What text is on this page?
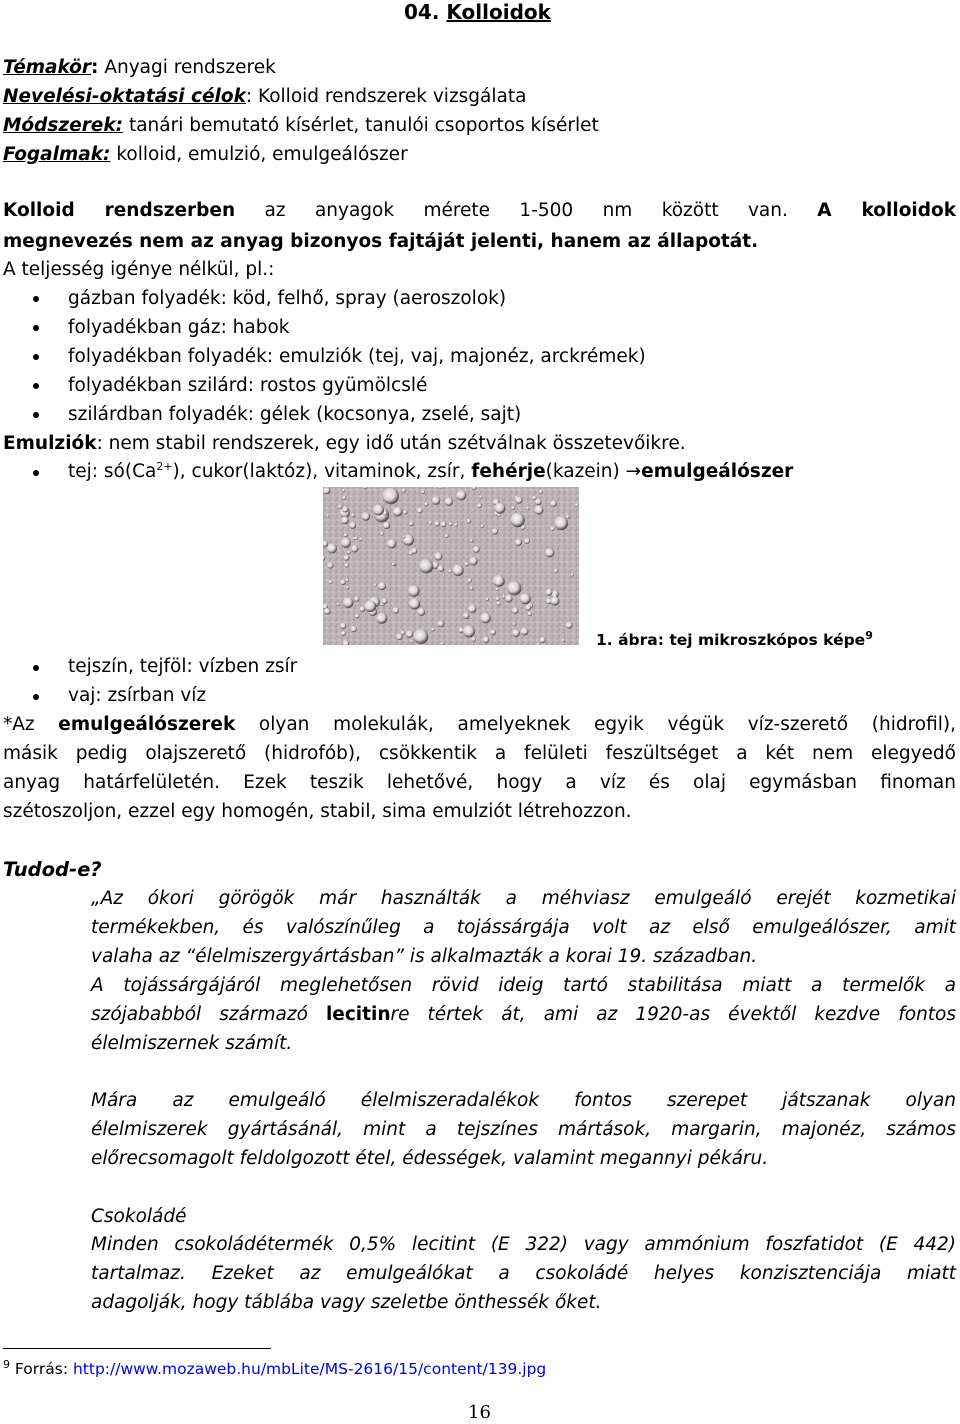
04. Kolloidok
Témakör: Anyagi rendszerek
Nevelési-oktatási célok: Kolloid rendszerek vizsgálata
Módszerek: tanári bemutató kísérlet, tanulói csoportos kísérlet
Fogalmak: kolloid, emulzió, emulgeálószer
Kolloid rendszerben az anyagok mérete 1-500 nm között van. A kolloidok
megnevezés nem az anyag bizonyos fajtáját jelenti, hanem az állapotát.
A teljesség igénye nélkül, pl.:
gázban folyadék: köd, felhő, spray (aeroszolok)
folyadékban gáz: habok
folyadékban folyadék: emulziók (tej, vaj, majonéz, arckrémek)
folyadékban szilárd: rostos gyümölcslé
szilárdban folyadék: gélek (kocsonya, zselé, sajt)
Emulziók: nem stabil rendszerek, egy idő után szétválnak összetevőikre.
tej: $só(Ca^{2+})$, cukor(laktóz), vitaminok, zsír, fehérje(kazein) →emulgeálószer
1. ábra: tej mikroszkópos képe$^9$
tejszín, tejföl: vízben zsír
vaj: zsírban víz
*Az emulgeálószerek olyan molekulák, amelyeknek egyik végük víz-szerető (hidrofil),
másik pedig olajszerető (hidrofób), csökkentik a felületi feszültséget a két nem elegyedő
anyag határfelületén. Ezek teszik lehetővé, hogy a víz és olaj egymásban finoman
szétoszoljon, ezzel egy homogén, stabil, sima emulziót létrehozzon.
Tudod-e?
„Az ókori görögök már használták a méhviasz emulgeáló erejét kozmetikai
termékekben, és valószínűleg a tojássárgája volt az első emulgeálószer, amit
valaha az “élelmiszergyártásban” is alkalmazták a korai 19. században.
A tojássárgájáról meglehetősen rövid ideig tartó stabilitása miatt a termelők a
szójababból származó lecitinre tértek át, ami az 1920-as évektől kezdve fontos
élelmiszernek számít.
Mára az emulgeáló élelmiszeradalékok fontos szerepet játszanak olyan
élelmiszerek gyártásánál, mint a tejszínes mártások, margarin, majonéz, számos
előrecsomagolt feldolgozott étel, édességek, valamint megannyi pékáru.
Csokoládé
Minden csokoládétermék 0,5% lecitint (E 322) vagy ammónium foszfatidot (E 442)
tartalmaz. Ezeket az emulgeálókat a csokoládé helyes konzisztenciája miatt
adagolják, hogy táblába vagy szeletbe önthessék őket.
$^9$ Forrás: http://www.mozaweb.hu/mbLite/MS-2616/15/content/139.jpg
16
